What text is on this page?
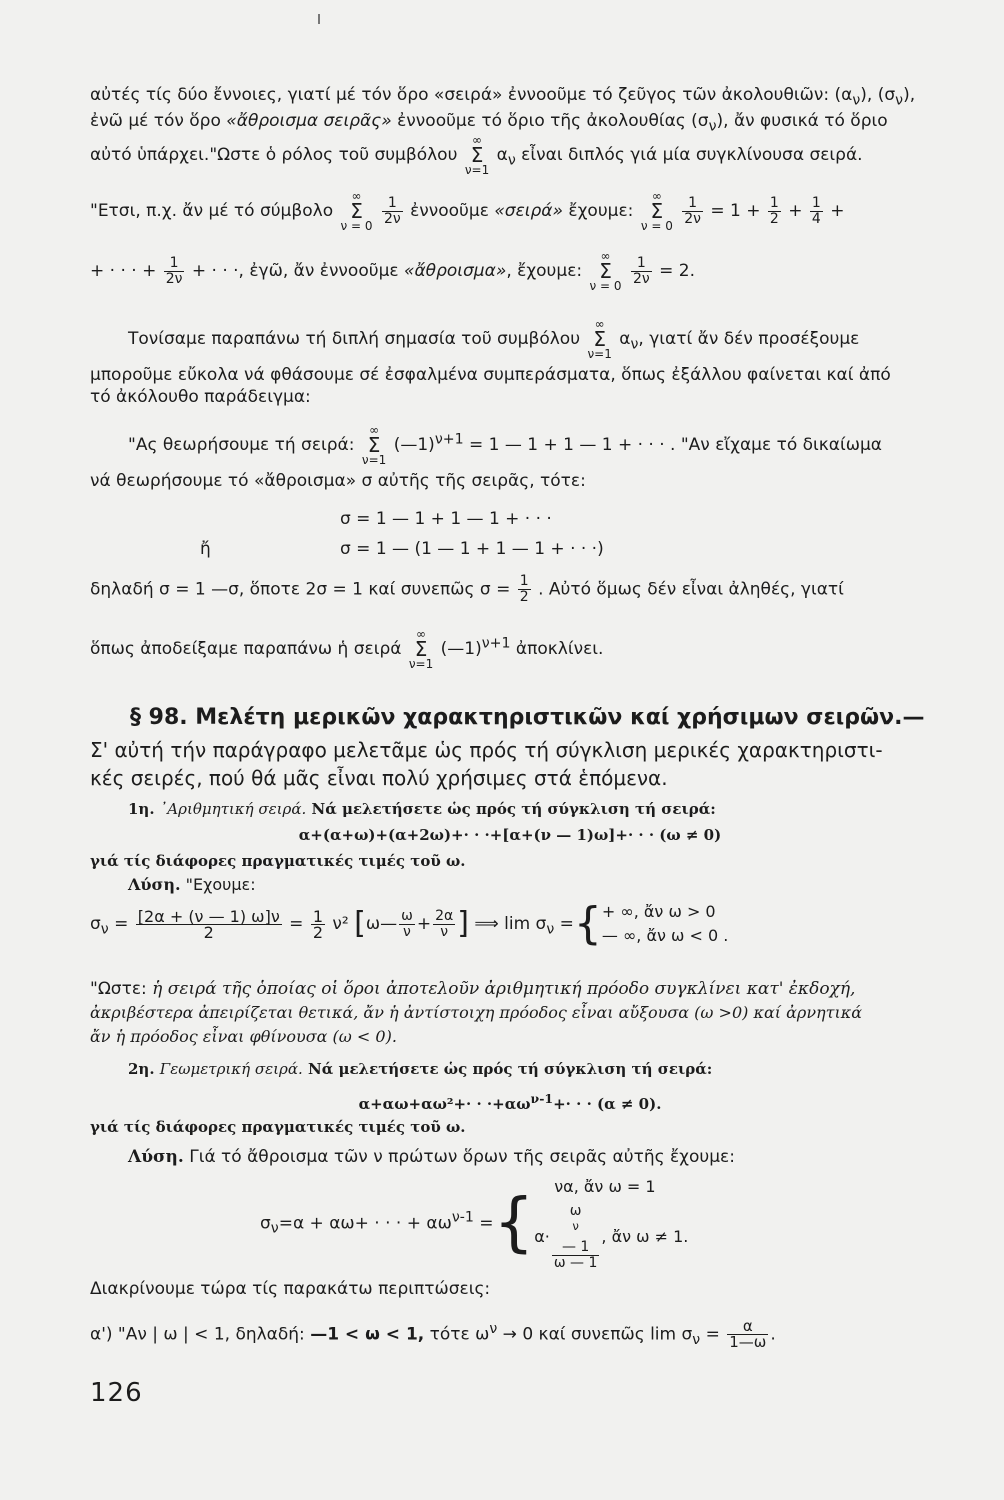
αὐτές τίς δύο ἔννοιες, γιατί μέ τόν ὅρο «σειρά» ἐννοοῦμε τό ζεῦγος τῶν ἀκολουθιῶν: $(\alpha_\nu)$, $(\sigma_\nu)$,
ἐνῶ μέ τόν ὅρο «ἄθροισμα σειρᾶς» ἐννοοῦμε τό ὅριο τῆς ἀκολουθίας $(\sigma_\nu)$, ἄν φυσικά τό ὅριο
αὐτό ὑπάρχει."Ωστε ὁ ρόλος τοῦ συμβόλου
∞
Σ
ν=1
$\alpha_\nu$ εἶναι διπλός γιά μία συγκλίνουσα σειρά.
"Ετσι, π.χ. ἄν μέ τό σύμβολο
∞
Σ
ν = 0
$\frac{1}{2\nu}$ ἐννοοῦμε «σειρά» ἔχουμε:
∞
Σ
ν = 0
$\frac{1}{2\nu} = 1 + \frac{1}{2} + \frac{1}{4}$ +
+ · · · + $\frac{1}{2\nu}$ + · · ·, ἐγῶ, ἄν ἐννοοῦμε «ἄθροισμα», ἔχουμε:
∞
Σ
ν = 0
$\frac{1}{2\nu} = 2$.
Τονίσαμε παραπάνω τή διπλή σημασία τοῦ συμβόλου
∞
Σ
ν=1
$\alpha_\nu$, γιατί ἄν δέν προσέξουμε
μποροῦμε εὔκολα νά φθάσουμε σέ ἐσφαλμένα συμπεράσματα, ὅπως ἐξάλλου φαίνεται καί ἀπό
τό ἀκόλουθο παράδειγμα:
"Ας θεωρήσουμε τή σειρά:
∞
Σ
ν=1
(—1)$^{\nu+1}$ = 1 — 1 + 1 — 1 + · · · . "Αν εἴχαμε τό δικαίωμα
νά θεωρήσουμε τό «ἄθροισμα» σ αὐτῆς τῆς σειρᾶς, τότε:
σ = 1 — 1 + 1 — 1 + · · ·
ἤ	σ = 1 — (1 — 1 + 1 — 1 + · · ·)
δηλαδή σ = 1 —σ, ὅποτε 2σ = 1 καί συνεπῶς $\sigma = \frac{1}{2}$ . Αὐτό ὅμως δέν εἶναι ἀληθές, γιατί
ὅπως ἀποδείξαμε παραπάνω ἡ σειρά
∞
Σ
ν=1
(—1)$^{\nu+1}$ ἀποκλίνει.
§ 98. Μελέτη μερικῶν χαρακτηριστικῶν καί χρήσιμων σειρῶν.—
Σ' αὐτή τήν παράγραφο μελετᾶμε ὡς πρός τή σύγκλιση μερικές χαρακτηριστι-
κές σειρές, πού θά μᾶς εἶναι πολύ χρήσιμες στά ἑπόμενα.
1η. ᾿Αριθμητική σειρά. Νά μελετήσετε ὡς πρός τή σύγκλιση τή σειρά:
α+(α+ω)+(α+2ω)+· · ·+[α+(ν — 1)ω]+· · · (ω ≠ 0)
γιά τίς διάφορες πραγματικές τιμές τοῦ ω.
Λύση. "Εχουμε:
$\sigma_\nu = \frac{[2\alpha + (\nu — 1) \omega]\nu}{2} = \frac{1}{2} \nu^2$ [ω— $\frac{\omega}{\nu} + \frac{2\alpha}{\nu}$ ] ⟹ $\lim \sigma_\nu$ ={ + ∞, ἄν ω > 0
— ∞, ἄν ω < 0 .
"Ωστε: ἡ σειρά τῆς ὁποίας οἱ ὅροι ἀποτελοῦν ἀριθμητική πρόοδο συγκλίνει κατ' ἐκδοχή,
ἀκριβέστερα ἀπειρίζεται θετικά, ἄν ἡ ἀντίστοιχη πρόοδος εἶναι αὔξουσα (ω >0) καί ἀρνητικά
ἄν ἡ πρόοδος εἶναι φθίνουσα (ω < 0).
2η. Γεωμετρική σειρά. Νά μελετήσετε ὡς πρός τή σύγκλιση τή σειρά:
$\alpha+\alpha\omega+\alpha\omega^2+\cdot \cdot \cdot+\alpha\omega^{\nu-1}+\cdot$ · · (α ≠ 0).
γιά τίς διάφορες πραγματικές τιμές τοῦ ω.
Λύση. Γιά τό ἄθροισμα τῶν ν πρώτων ὅρων τῆς σειρᾶς αὐτῆς ἔχουμε:
$\sigma_\nu=\alpha + \alpha\omega+$ · · · + $\alpha\omega^{\nu-1}$ ={	να, ἄν ω = 1
α· ω
$^\nu$
— 1
ω — 1 , ἄν ω ≠ 1.
Διακρίνουμε τώρα τίς παρακάτω περιπτώσεις:
α') "Αν | ω | < 1, δηλαδή: —1 < ω < 1, τότε $\omega^\nu \to 0$ καί συνεπῶς $\lim \sigma_\nu = \frac{\alpha}{1—\omega}$ .
126
